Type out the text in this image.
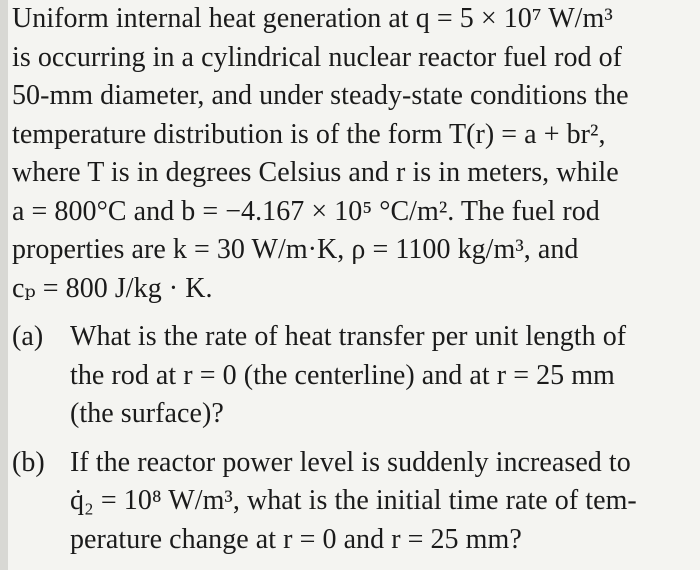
Uniform internal heat generation at q = 5 × 10⁷ W/m³
is occurring in a cylindrical nuclear reactor fuel rod of
50-mm diameter, and under steady-state conditions the
temperature distribution is of the form T(r) = a + br²,
where T is in degrees Celsius and r is in meters, while
a = 800°C and b = −4.167 × 10⁵ °C/m². The fuel rod
properties are k = 30 W/m·K, ρ = 1100 kg/m³, and
cₚ = 800 J/kg · K.
(a) What is the rate of heat transfer per unit length of
the rod at r = 0 (the centerline) and at r = 25 mm
(the surface)?
(b) If the reactor power level is suddenly increased to
q̇₂ = 10⁸ W/m³, what is the initial time rate of tem-
perature change at r = 0 and r = 25 mm?
